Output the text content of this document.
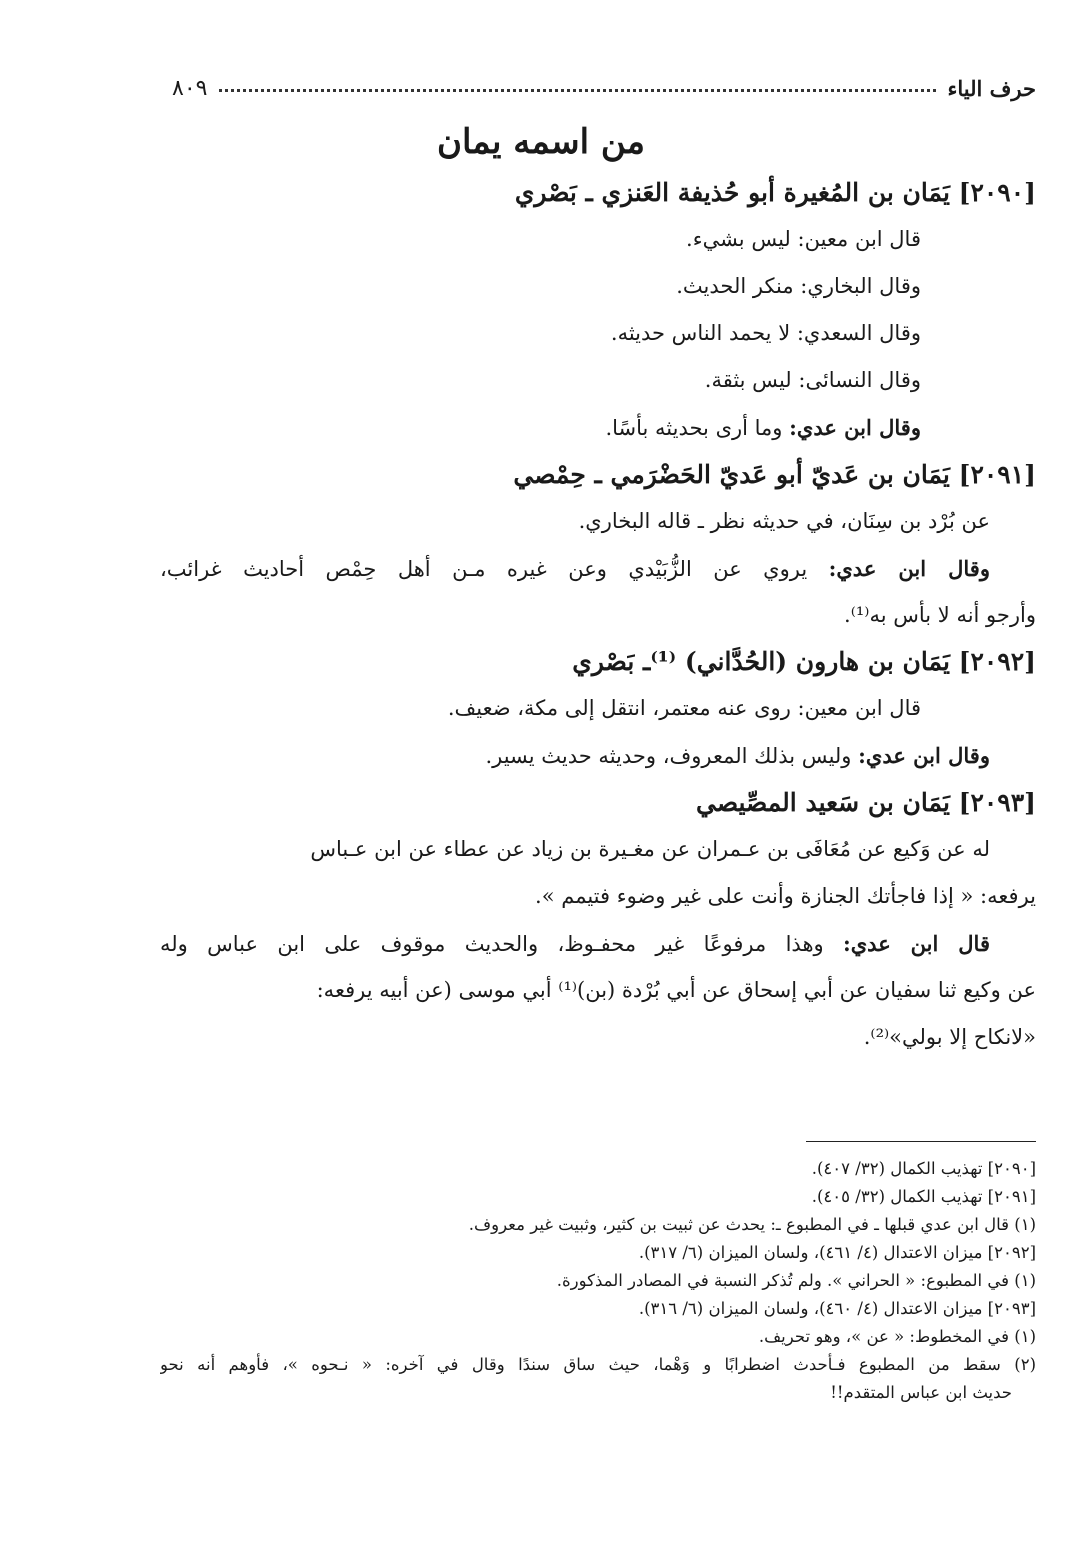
حرف الياء
٨٠٩
من اسمه يمان
[٢٠٩٠] يَمَان بن المُغيرة أبو حُذيفة العَنزي ـ بَصْري
قال ابن معين: ليس بشيء.
وقال البخاري: منكر الحديث.
وقال السعدي: لا يحمد الناس حديثه.
وقال النسائى: ليس بثقة.
وقال ابن عدي: وما أرى بحديثه بأسًا.
[٢٠٩١] يَمَان بن عَديّ أبو عَديّ الحَضْرَمي ـ حِمْصي
عن بُرْد بن سِنَان، في حديثه نظر ـ قاله البخاري.
وقال ابن عدي: يروي عن الزُّبَيْدي وعن غيره مـن أهل حِمْص أحاديث غرائب،
وأرجو أنه لا بأس به⁽¹⁾.
[٢٠٩٢] يَمَان بن هارون (الحُدَّاني) ⁽¹⁾ـ بَصْري
قال ابن معين: روى عنه معتمر، انتقل إلى مكة، ضعيف.
وقال ابن عدي: وليس بذلك المعروف، وحديثه حديث يسير.
[٢٠٩٣] يَمَان بن سَعيد المصِّيصي
له عن وَكيع عن مُعَافَى بن عـمران عن مغـيرة بن زياد عن عطاء عن ابن عـباس
يرفعه: « إذا فاجأتك الجنازة وأنت على غير وضوء فتيمم ».
قال ابن عدي: وهذا مرفوعًا غير محفـوظ، والحديث موقوف على ابن عباس وله
عن وكيع ثنا سفيان عن أبي إسحاق عن أبي بُرْدة (بن)⁽¹⁾ أبي موسى (عن أبيه يرفعه:
«لانكاح إلا بولي»⁽²⁾.
[٢٠٩٠] تهذيب الكمال (٣٢/ ٤٠٧).
[٢٠٩١] تهذيب الكمال (٣٢/ ٤٠٥).
(١) قال ابن عدي قبلها ـ في المطبوع ـ: يحدث عن ثبيت بن كثير، وثبيت غير معروف.
[٢٠٩٢] ميزان الاعتدال (٤/ ٤٦١)، ولسان الميزان (٦/ ٣١٧).
(١) في المطبوع: « الحراني ». ولم تُذكر النسبة في المصادر المذكورة.
[٢٠٩٣] ميزان الاعتدال (٤/ ٤٦٠)، ولسان الميزان (٦/ ٣١٦).
(١) في المخطوط: « عن »، وهو تحريف.
(٢) سقط من المطبوع فـأحدث اضطرابًا و وَهْما، حيث ساق سندًا وقال في آخره: « نـحوه »، فأوهم أنه نحو
حديث ابن عباس المتقدم!!
